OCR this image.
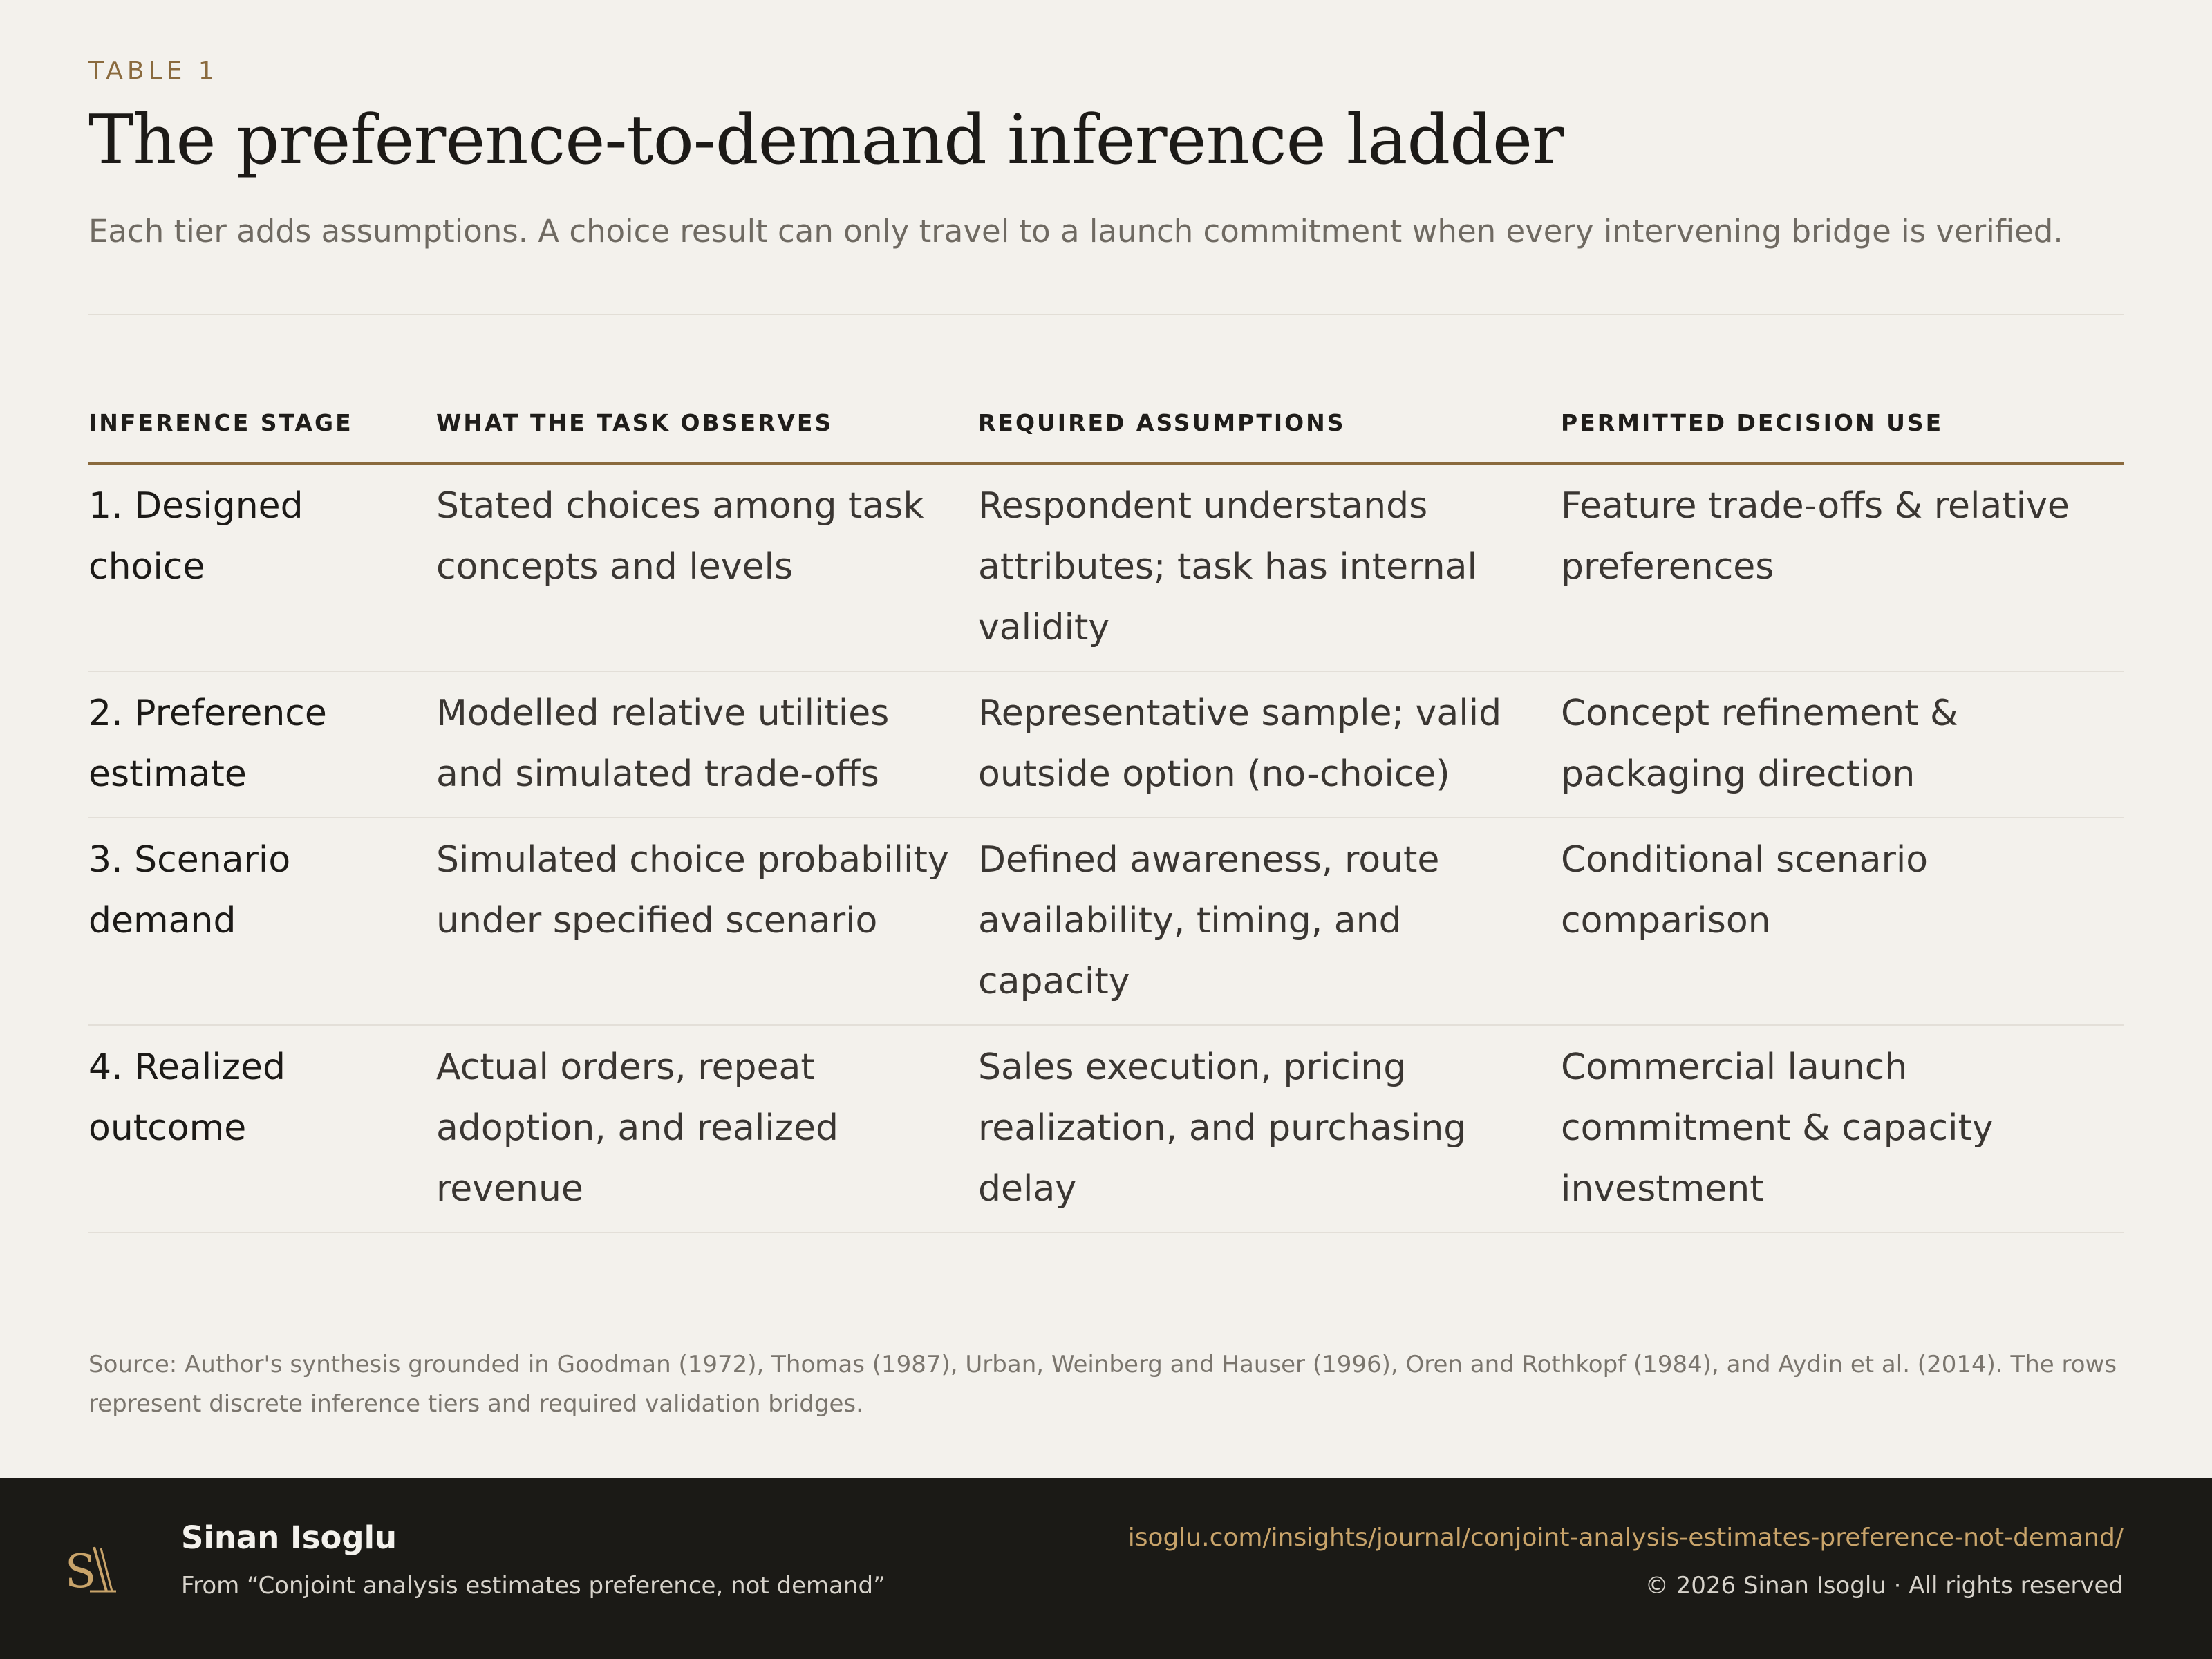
TABLE 1
The preference-to-demand inference ladder
Each tier adds assumptions. A choice result can only travel to a launch commitment when every intervening bridge is verified.
INFERENCE STAGE	WHAT THE TASK OBSERVES	REQUIRED ASSUMPTIONS	PERMITTED DECISION USE
1. Designed choice	Stated choices among task concepts and levels	Respondent understands attributes; task has internal validity	Feature trade-offs & relative preferences
2. Preference estimate	Modelled relative utilities and simulated trade-offs	Representative sample; valid outside option (no-choice)	Concept refinement & packaging direction
3. Scenario demand	Simulated choice probability under specified scenario	Defined awareness, route availability, timing, and capacity	Conditional scenario comparison
4. Realized outcome	Actual orders, repeat adoption, and realized revenue	Sales execution, pricing realization, and purchasing delay	Commercial launch commitment & capacity investment
Source: Author's synthesis grounded in Goodman (1972), Thomas (1987), Urban, Weinberg and Hauser (1996), Oren and Rothkopf (1984), and Aydin et al. (2014). The rows represent discrete inference tiers and required validation bridges.
S
Sinan Isoglu
From “Conjoint analysis estimates preference, not demand”
isoglu.com/insights/journal/conjoint-analysis-estimates-preference-not-demand/
© 2026 Sinan Isoglu · All rights reserved
